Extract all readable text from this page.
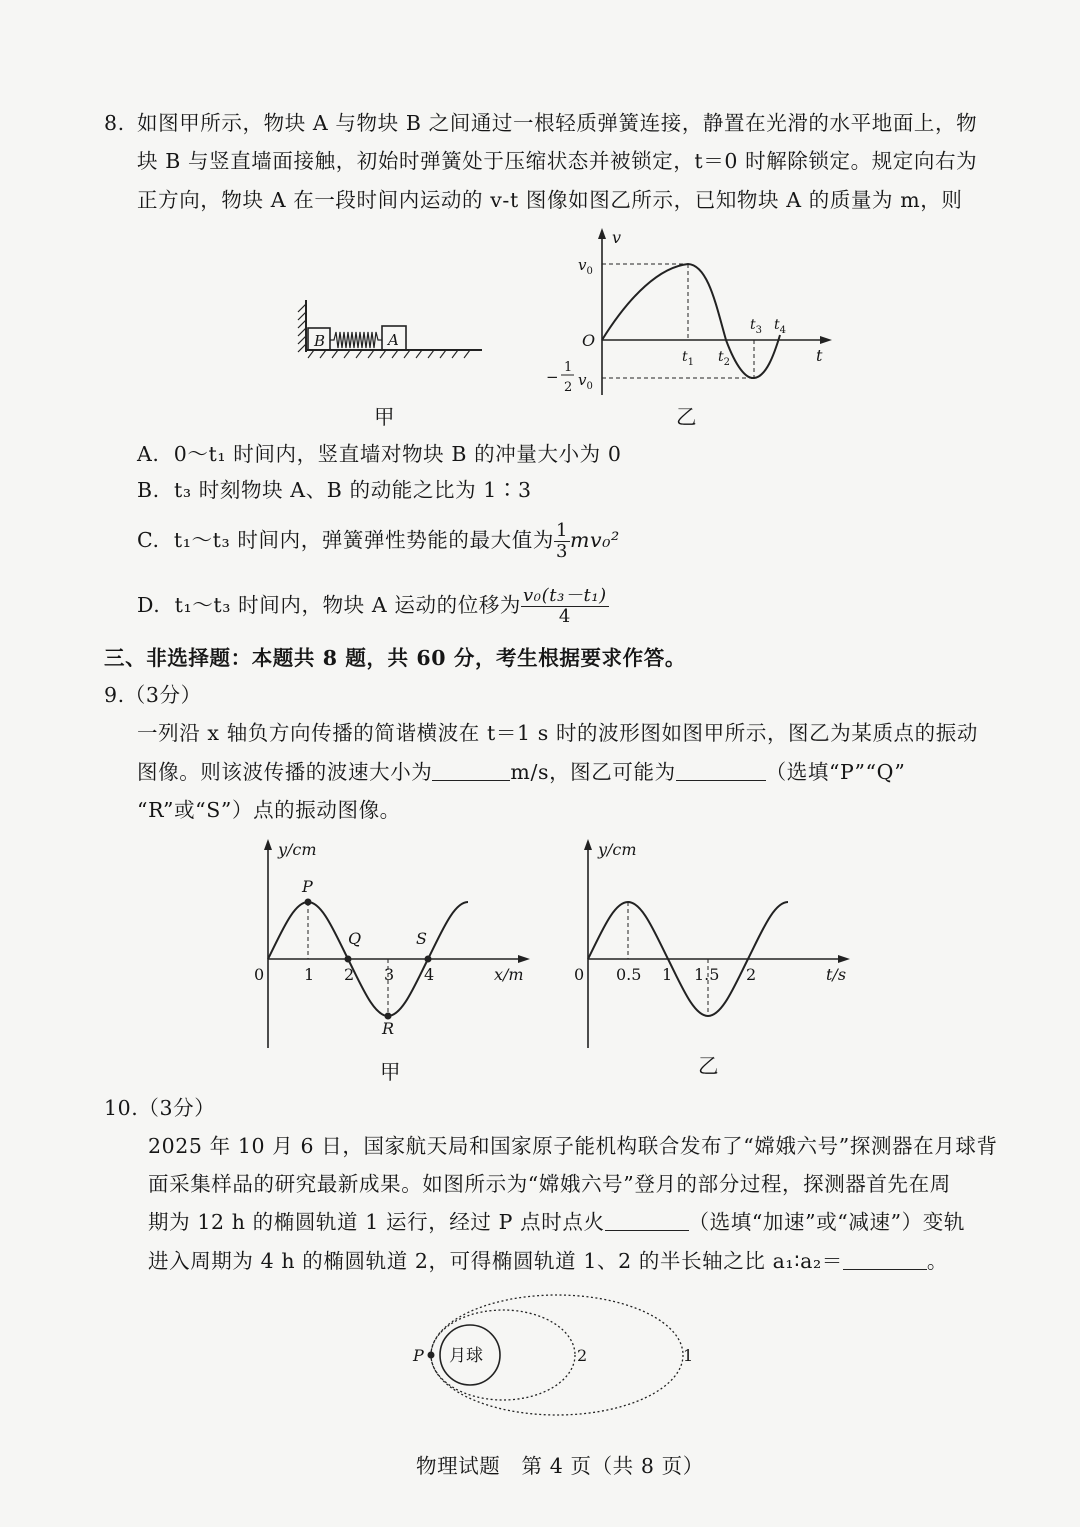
8. 如图甲所示，物块 A 与物块 B 之间通过一根轻质弹簧连接，静置在光滑的水平地面上，物
块 B 与竖直墙面接触，初始时弹簧处于压缩状态并被锁定，t＝0 时解除锁定。规定向右为
正方向，物块 A 在一段时间内运动的 v-t 图像如图乙所示，已知物块 A 的质量为 m，则
B	A
甲
v
t
O
$v_0$
−
1
2 $v_0$
$t_1$ $t_2$
$t_3$ $t_4$
乙
A. 0～t₁ 时间内，竖直墙对物块 B 的冲量大小为 0
B. t₃ 时刻物块 A、B 的动能之比为 1∶3
C. t₁～t₃ 时间内，弹簧弹性势能的最大值为 $\frac{1}{3} mv_0^2$
D. t₁～t₃ 时间内，物块 A 运动的位移为 $\frac{\text{v₀(t₃－t₁)}}{4}$
三、非选择题：本题共 8 题，共 60 分，考生根据要求作答。
9.（3分）
一列沿 x 轴负方向传播的简谐横波在 t＝1 s 时的波形图如图甲所示，图乙为某质点的振动
图像。则该波传播的波速大小为	m/s，图乙可能为	（选填“P”“Q”
“R”或“S”）点的振动图像。
y/cm
x/m
0
P
Q
R
S
1 2 3 4
甲
y/cm
t/s
0 0.5 1 1.5 2
乙
10.（3分）
2025 年 10 月 6 日，国家航天局和国家原子能机构联合发布了“嫦娥六号”探测器在月球背
面采集样品的研究最新成果。如图所示为“嫦娥六号”登月的部分过程，探测器首先在周
期为 12 h 的椭圆轨道 1 运行，经过 P 点时点火	（选填“加速”或“减速”）变轨
进入周期为 4 h 的椭圆轨道 2，可得椭圆轨道 1、2 的半长轴之比 a₁∶a₂＝	。
月球
P	2	1
物理试题　第 4 页（共 8 页）
